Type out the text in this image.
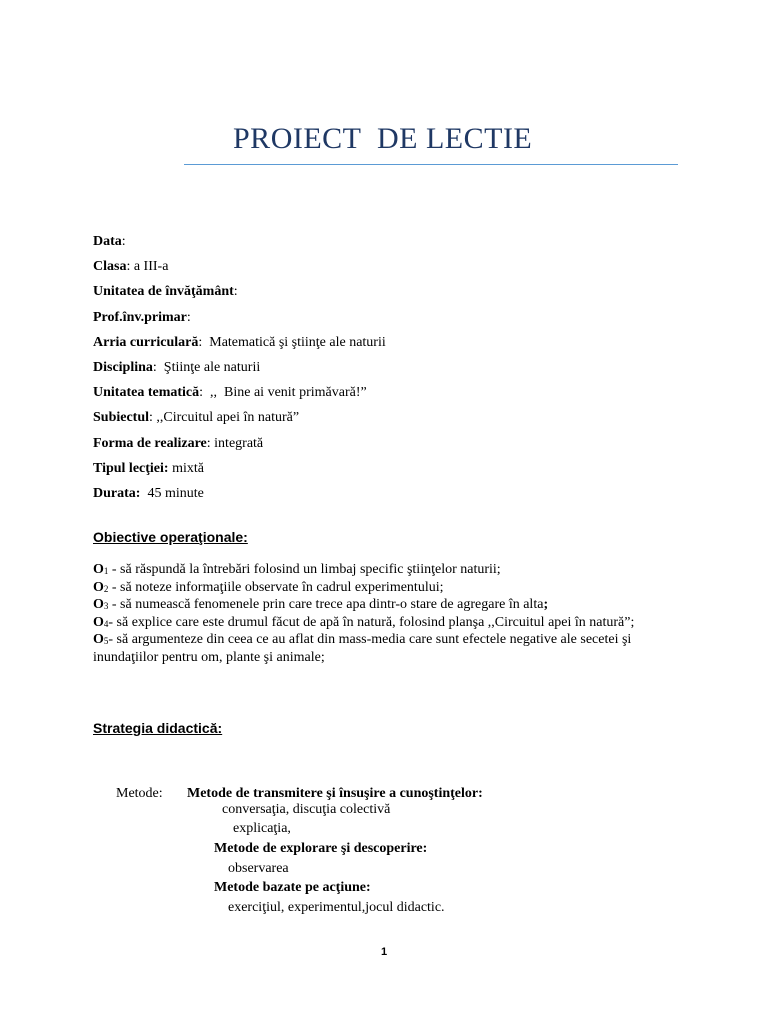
PROIECT  DE LECTIE
Data:
Clasa: a III-a
Unitatea de învăţământ:
Prof.înv.primar:
Arria curriculară:  Matematică şi ştiinţe ale naturii
Disciplina:  Ştiinţe ale naturii
Unitatea tematică:  ,,  Bine ai venit primăvară!”
Subiectul: ,,Circuitul apei în natură”
Forma de realizare: integrată
Tipul lecţiei: mixtă
Durata:  45 minute
Obiective operaţionale:

$O_1$ - să răspundă la întrebări folosind un limbaj specific ştiinţelor naturii;

$O_2$ - să noteze informaţiile observate în cadrul experimentului;

$O_3$ - să numească fenomenele prin care trece apa dintr-o stare de agregare în alta;

$O_4-$ să explice care este drumul făcut de apă în natură, folosind planşa ,,Circuitul apei în natură”;

$O_5-$ să argumenteze din ceea ce au aflat din mass-media care sunt efectele negative ale secetei şi inundaţiilor pentru om, plante şi animale;

Strategia didactică:
Metode: Metode de transmitere şi însuşire a cunoştinţelor:
conversaţia, discuţia colectivă
explicaţia,
Metode de explorare şi descoperire:
observarea
Metode bazate pe acţiune:
exerciţiul, experimentul,jocul didactic.
1
